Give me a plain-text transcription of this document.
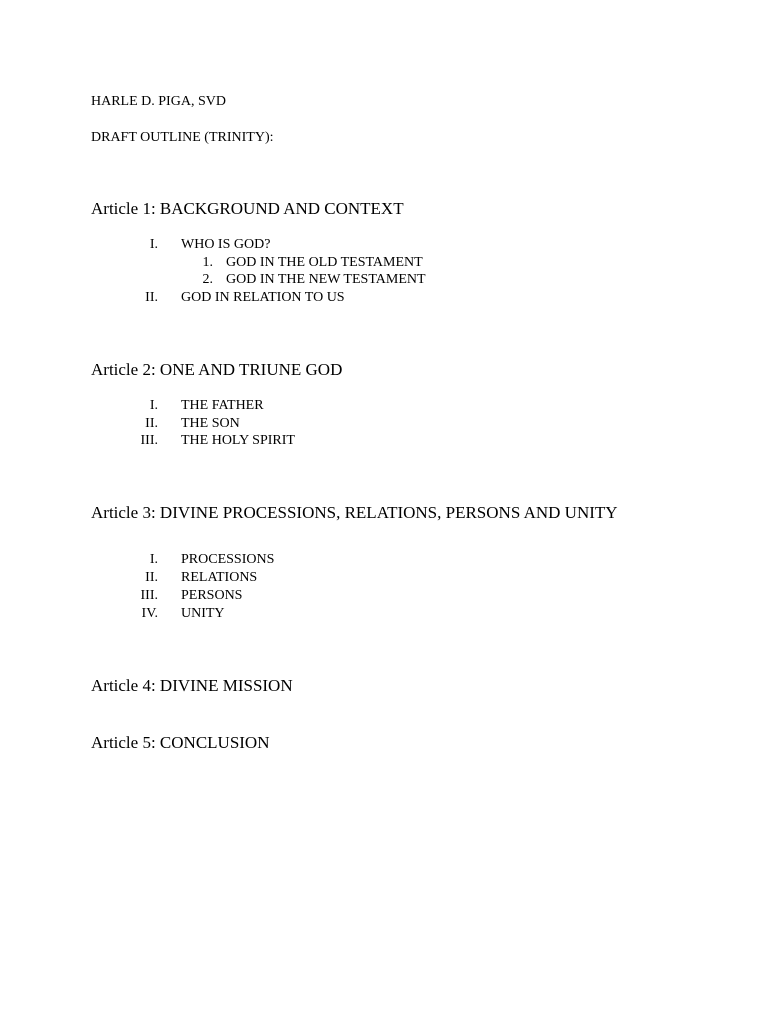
HARLE D. PIGA, SVD
DRAFT OUTLINE (TRINITY):
Article 1: BACKGROUND AND CONTEXT
I. WHO IS GOD?
1. GOD IN THE OLD TESTAMENT
2. GOD IN THE NEW TESTAMENT
II. GOD IN RELATION TO US
Article 2: ONE AND TRIUNE GOD
I. THE FATHER
II. THE SON
III. THE HOLY SPIRIT
Article 3: DIVINE PROCESSIONS, RELATIONS, PERSONS AND UNITY
I. PROCESSIONS
II. RELATIONS
III. PERSONS
IV. UNITY
Article 4: DIVINE MISSION
Article 5: CONCLUSION
